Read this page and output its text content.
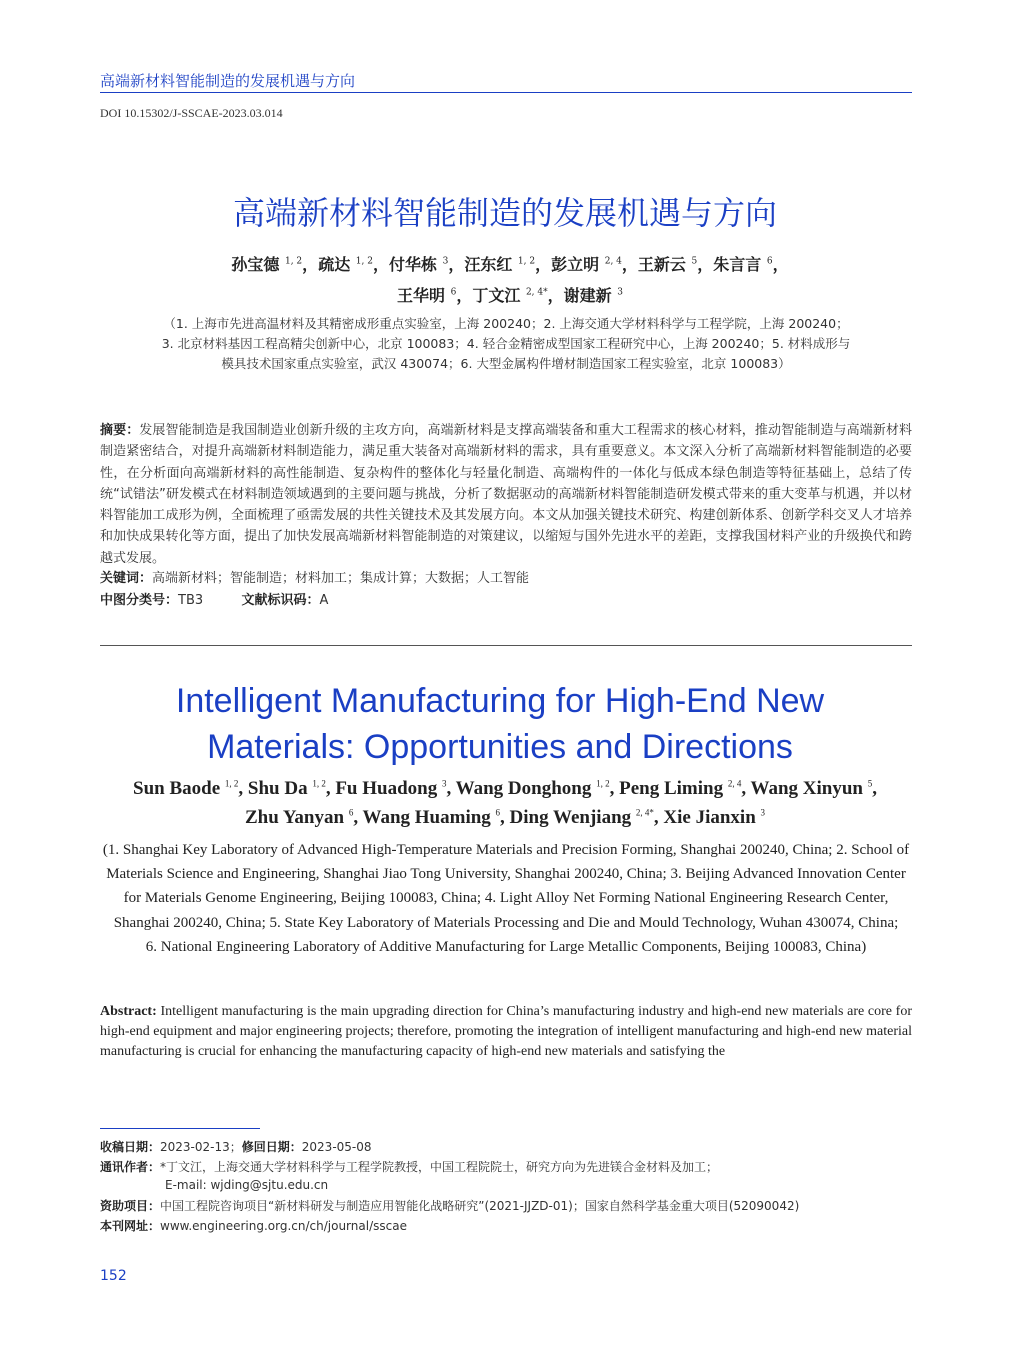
高端新材料智能制造的发展机遇与方向
DOI 10.15302/J-SSCAE-2023.03.014
高端新材料智能制造的发展机遇与方向
孙宝德 $^{1, 2}$，疏达 $^{1, 2}$，付华栋 $^3$，汪东红 $^{1, 2}$，彭立明 $^{2, 4}$，王新云 $^5$，朱言言 $^6$，
王华明 $^6$，丁文江 $^{2, 4*}$，谢建新 $^3$
（1. 上海市先进高温材料及其精密成形重点实验室，上海 200240；2. 上海交通大学材料科学与工程学院，上海 200240；
3. 北京材料基因工程高精尖创新中心，北京 100083；4. 轻合金精密成型国家工程研究中心，上海 200240；5. 材料成形与
模具技术国家重点实验室，武汉 430074；6. 大型金属构件增材制造国家工程实验室，北京 100083）
摘要：发展智能制造是我国制造业创新升级的主攻方向，高端新材料是支撑高端装备和重大工程需求的核心材料，推动智能制造与高端新材料制造紧密结合，对提升高端新材料制造能力，满足重大装备对高端新材料的需求，具有重要意义。本文深入分析了高端新材料智能制造的必要性，在分析面向高端新材料的高性能制造、复杂构件的整体化与轻量化制造、高端构件的一体化与低成本绿色制造等特征基础上，总结了传统“试错法”研发模式在材料制造领域遇到的主要问题与挑战，分析了数据驱动的高端新材料智能制造研发模式带来的重大变革与机遇，并以材料智能加工成形为例，全面梳理了亟需发展的共性关键技术及其发展方向。本文从加强关键技术研究、构建创新体系、创新学科交叉人才培养和加快成果转化等方面，提出了加快发展高端新材料智能制造的对策建议，以缩短与国外先进水平的差距，支撑我国材料产业的升级换代和跨越式发展。
关键词：高端新材料；智能制造；材料加工；集成计算；大数据；人工智能
中图分类号：TB3	文献标识码：A
Intelligent Manufacturing for High-End New
Materials: Opportunities and Directions
Sun Baode $^{1, 2}$, Shu Da $^{1, 2}$, Fu Huadong $^3$, Wang Donghong $^{1, 2}$, Peng Liming $^{2, 4}$, Wang Xinyun $^5$,
Zhu Yanyan $^6$, Wang Huaming $^6$, Ding Wenjiang $^{2, 4*}$, Xie Jianxin $^3$
(1. Shanghai Key Laboratory of Advanced High-Temperature Materials and Precision Forming, Shanghai 200240, China; 2. School of
Materials Science and Engineering, Shanghai Jiao Tong University, Shanghai 200240, China; 3. Beijing Advanced Innovation Center
for Materials Genome Engineering, Beijing 100083, China; 4. Light Alloy Net Forming National Engineering Research Center,
Shanghai 200240, China; 5. State Key Laboratory of Materials Processing and Die and Mould Technology, Wuhan 430074, China;
6. National Engineering Laboratory of Additive Manufacturing for Large Metallic Components, Beijing 100083, China)
Abstract: Intelligent manufacturing is the main upgrading direction for China’s manufacturing industry and high-end new materials are core for high-end equipment and major engineering projects; therefore, promoting the integration of intelligent manufacturing and high-end new material manufacturing is crucial for enhancing the manufacturing capacity of high-end new materials and satisfying the
收稿日期：2023-02-13；修回日期：2023-05-08
通讯作者：*丁文江，上海交通大学材料科学与工程学院教授，中国工程院院士，研究方向为先进镁合金材料及加工；
E-mail: wjding@sjtu.edu.cn
资助项目：中国工程院咨询项目“新材料研发与制造应用智能化战略研究”(2021-JJZD-01)；国家自然科学基金重大项目(52090042)
本刊网址：www.engineering.org.cn/ch/journal/sscae
152
